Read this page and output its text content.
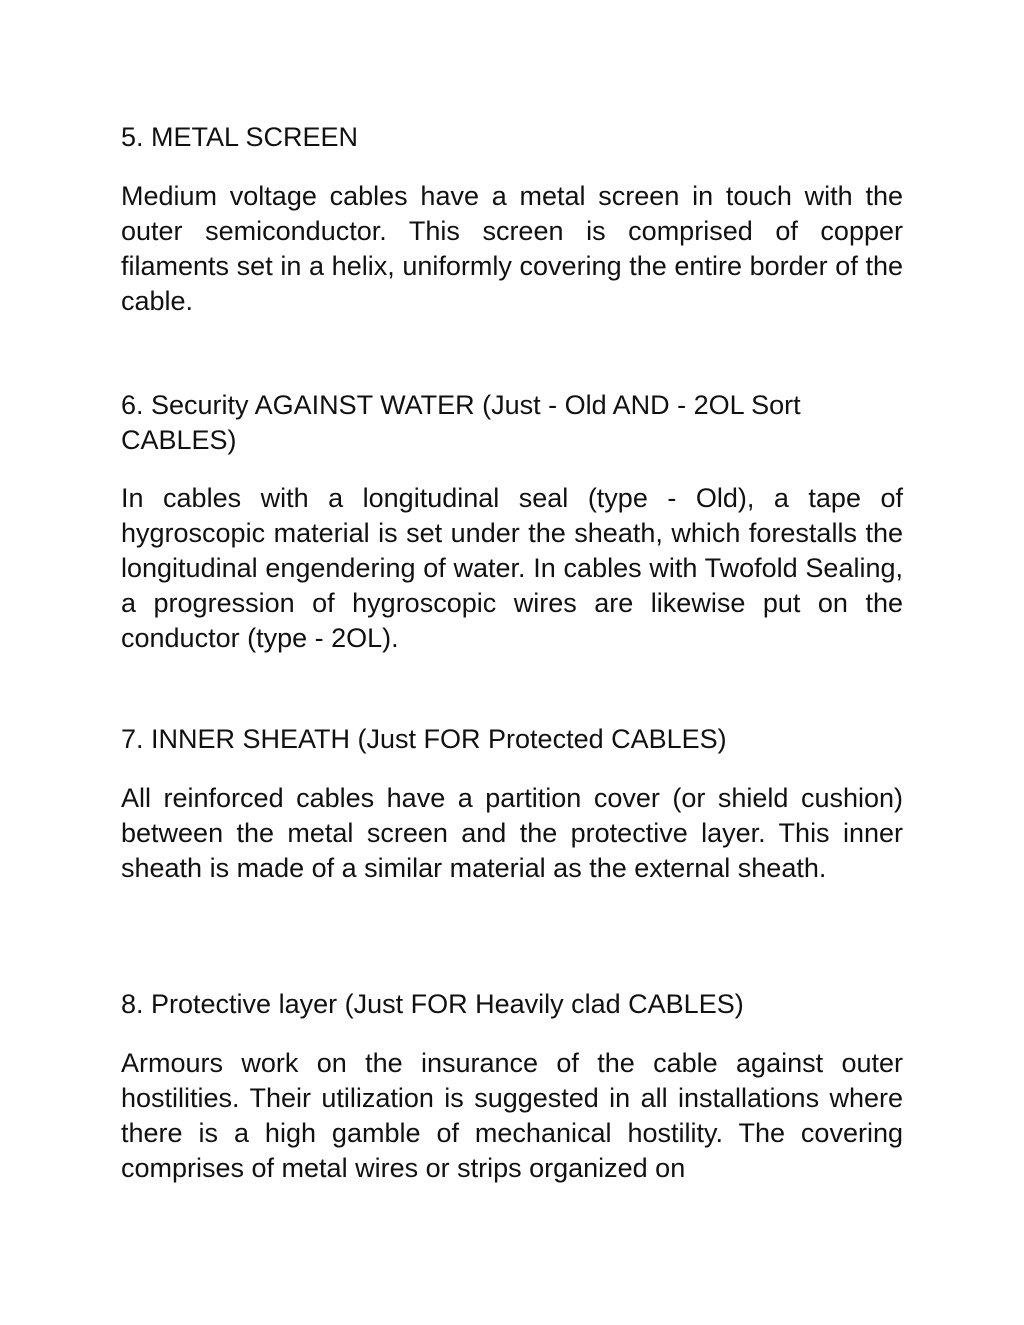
5. METAL SCREEN

Medium voltage cables have a metal screen in touch with the outer semiconductor. This screen is comprised of copper filaments set in a helix, uniformly covering the entire border of the cable.

6. Security AGAINST WATER (Just - Old AND - 2OL Sort CABLES)

In cables with a longitudinal seal (type - Old), a tape of hygroscopic material is set under the sheath, which forestalls the longitudinal engendering of water. In cables with Twofold Sealing, a progression of hygroscopic wires are likewise put on the conductor (type - 2OL).

7. INNER SHEATH (Just FOR Protected CABLES)

All reinforced cables have a partition cover (or shield cushion) between the metal screen and the protective layer. This inner sheath is made of a similar material as the external sheath.

8. Protective layer (Just FOR Heavily clad CABLES)

Armours work on the insurance of the cable against outer hostilities. Their utilization is suggested in all installations where there is a high gamble of mechanical hostility. The covering comprises of metal wires or strips organized on
